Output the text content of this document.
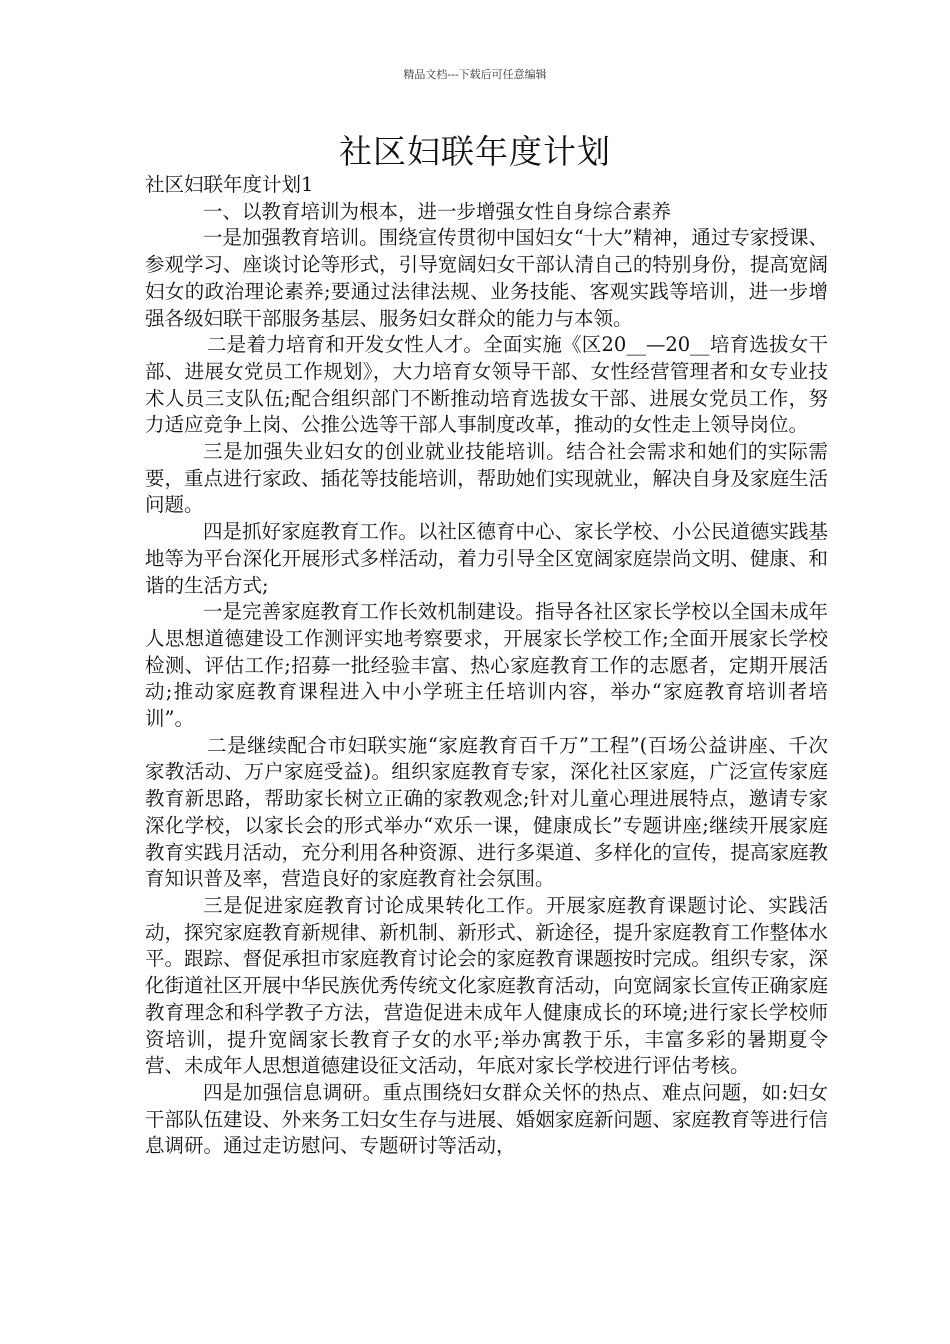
精品文档---下载后可任意编辑
社区妇联年度计划

社区妇联年度计划1

一、以教育培训为根本，进一步增强女性自身综合素养

一是加强教育培训。围绕宣传贯彻中国妇女“十大”精神，通过专家授课、参观学习、座谈讨论等形式，引导宽阔妇女干部认清自己的特别身份，提高宽阔妇女的政治理论素养;要通过法律法规、业务技能、客观实践等培训，进一步增强各级妇联干部服务基层、服务妇女群众的能力与本领。

二是着力培育和开发女性人才。全面实施《区20__—20__培育选拔女干部、进展女党员工作规划》，大力培育女领导干部、女性经营管理者和女专业技术人员三支队伍;配合组织部门不断推动培育选拔女干部、进展女党员工作，努力适应竞争上岗、公推公选等干部人事制度改革，推动的女性走上领导岗位。

三是加强失业妇女的创业就业技能培训。结合社会需求和她们的实际需要，重点进行家政、插花等技能培训，帮助她们实现就业，解决自身及家庭生活问题。

四是抓好家庭教育工作。以社区德育中心、家长学校、小公民道德实践基地等为平台深化开展形式多样活动，着力引导全区宽阔家庭崇尚文明、健康、和谐的生活方式;

一是完善家庭教育工作长效机制建设。指导各社区家长学校以全国未成年人思想道德建设工作测评实地考察要求，开展家长学校工作;全面开展家长学校检测、评估工作;招募一批经验丰富、热心家庭教育工作的志愿者，定期开展活动;推动家庭教育课程进入中小学班主任培训内容，举办“家庭教育培训者培训”。

二是继续配合市妇联实施“家庭教育百千万”工程”(百场公益讲座、千次家教活动、万户家庭受益)。组织家庭教育专家，深化社区家庭，广泛宣传家庭教育新思路，帮助家长树立正确的家教观念;针对儿童心理进展特点，邀请专家深化学校，以家长会的形式举办“欢乐一课，健康成长”专题讲座;继续开展家庭教育实践月活动，充分利用各种资源、进行多渠道、多样化的宣传，提高家庭教育知识普及率，营造良好的家庭教育社会氛围。

三是促进家庭教育讨论成果转化工作。开展家庭教育课题讨论、实践活动，探究家庭教育新规律、新机制、新形式、新途径，提升家庭教育工作整体水平。跟踪、督促承担市家庭教育讨论会的家庭教育课题按时完成。组织专家，深化街道社区开展中华民族优秀传统文化家庭教育活动，向宽阔家长宣传正确家庭教育理念和科学教子方法，营造促进未成年人健康成长的环境;进行家长学校师资培训，提升宽阔家长教育子女的水平;举办寓教于乐，丰富多彩的暑期夏令营、未成年人思想道德建设征文活动，年底对家长学校进行评估考核。

四是加强信息调研。重点围绕妇女群众关怀的热点、难点问题，如:妇女干部队伍建设、外来务工妇女生存与进展、婚姻家庭新问题、家庭教育等进行信息调研。通过走访慰问、专题研讨等活动，
